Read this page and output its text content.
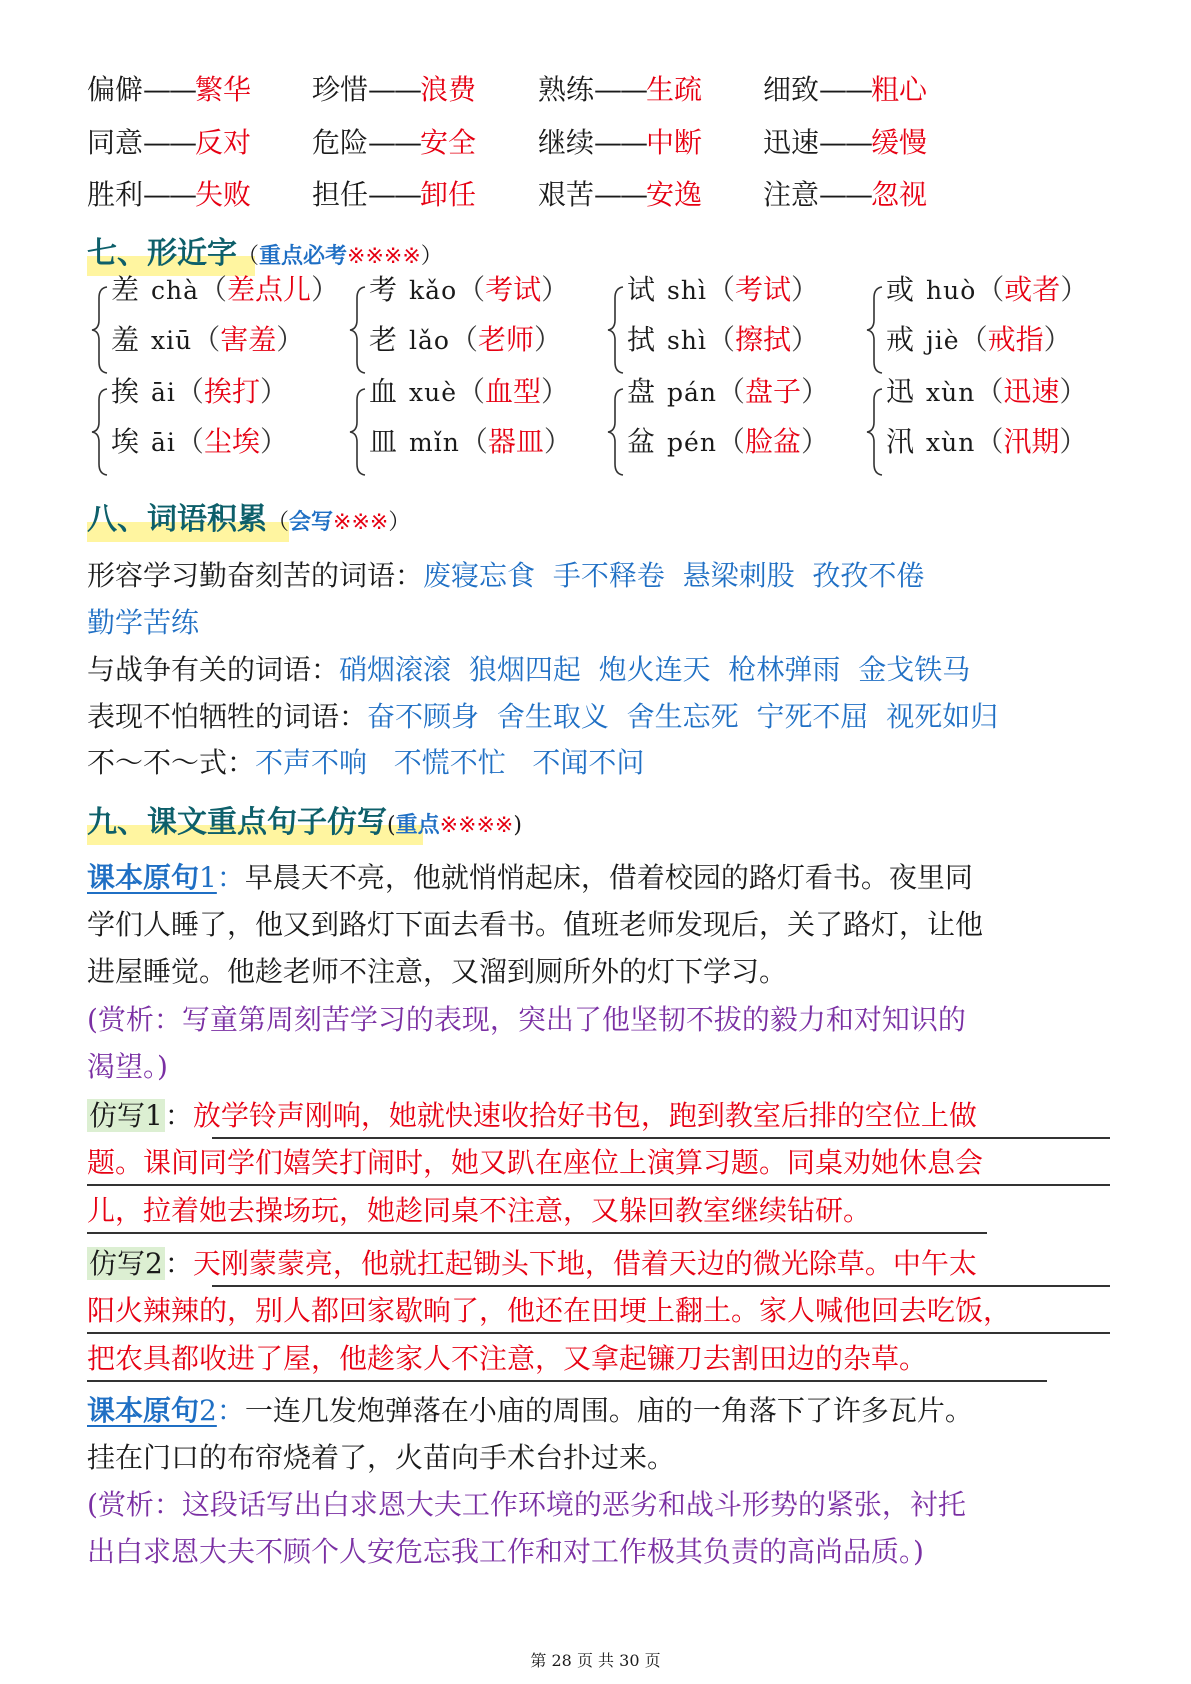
偏僻——繁华 珍惜——浪费 熟练——生疏 细致——粗心
同意——反对 危险——安全 继续——中断 迅速——缓慢
胜利——失败 担任——卸任 艰苦——安逸 注意——忽视
七、形近字（重点必考※※※※）
差 chà（差点儿）
羞 xiū（害羞）
考 kǎo（考试）
老 lǎo（老师）
试 shì（考试）
拭 shì（擦拭）
或 huò（或者）
戒 jiè（戒指）
挨 āi（挨打）
埃 āi（尘埃）
血 xuè（血型）
皿 mǐn（器皿）
盘 pán（盘子）
盆 pén（脸盆）
迅 xùn（迅速）
汛 xùn（汛期）
八、词语积累（会写※※※）
形容学习勤奋刻苦的词语：废寝忘食  手不释卷  悬梁刺股  孜孜不倦
勤学苦练
与战争有关的词语：硝烟滚滚  狼烟四起  炮火连天  枪林弹雨  金戈铁马
表现不怕牺牲的词语：奋不顾身  舍生取义  舍生忘死  宁死不屈  视死如归
不～不～式：不声不响   不慌不忙   不闻不问
九、课文重点句子仿写(重点※※※※)
课本原句1：早晨天不亮，他就悄悄起床，借着校园的路灯看书。夜里同
学们人睡了，他又到路灯下面去看书。值班老师发现后，关了路灯，让他
进屋睡觉。他趁老师不注意，又溜到厕所外的灯下学习。
(赏析：写童第周刻苦学习的表现，突出了他坚韧不拔的毅力和对知识的
渴望。)
仿写1：放学铃声刚响，她就快速收拾好书包，跑到教室后排的空位上做
题。课间同学们嬉笑打闹时，她又趴在座位上演算习题。同桌劝她休息会
儿，拉着她去操场玩，她趁同桌不注意，又躲回教室继续钻研。
仿写2：天刚蒙蒙亮，他就扛起锄头下地，借着天边的微光除草。中午太
阳火辣辣的，别人都回家歇晌了，他还在田埂上翻土。家人喊他回去吃饭，
把农具都收进了屋，他趁家人不注意，又拿起镰刀去割田边的杂草。
课本原句2：一连几发炮弹落在小庙的周围。庙的一角落下了许多瓦片。
挂在门口的布帘烧着了，火苗向手术台扑过来。
(赏析：这段话写出白求恩大夫工作环境的恶劣和战斗形势的紧张，衬托
出白求恩大夫不顾个人安危忘我工作和对工作极其负责的高尚品质。)
第 28 页 共 30 页
